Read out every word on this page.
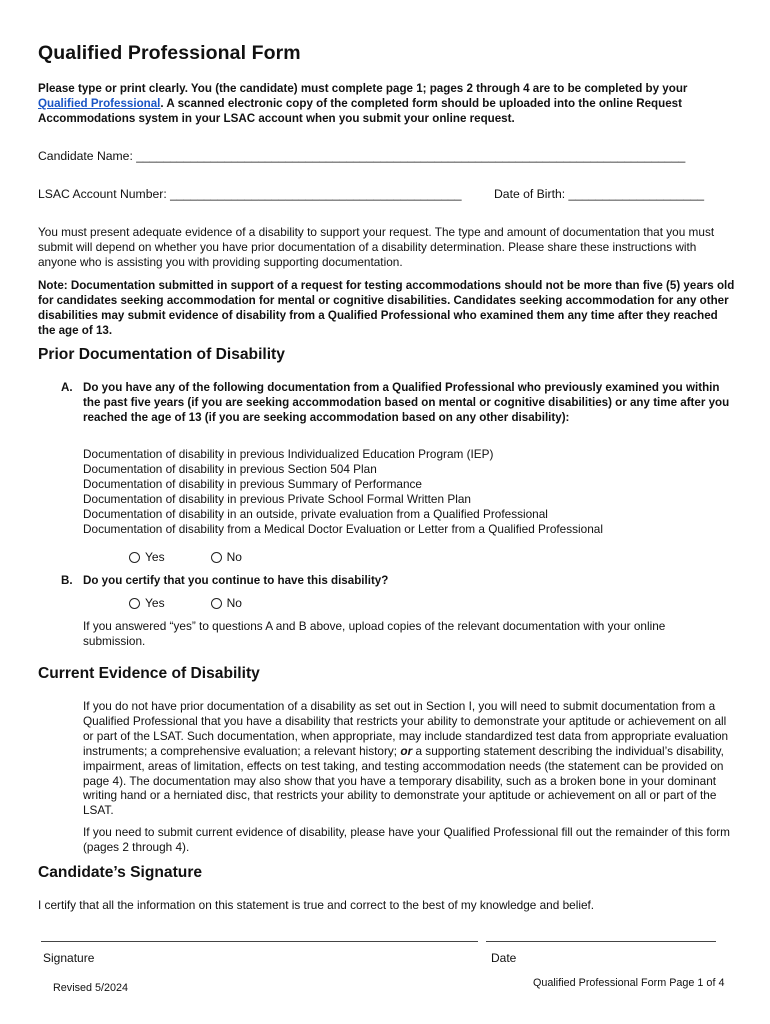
Qualified Professional Form
Please type or print clearly. You (the candidate) must complete page 1; pages 2 through 4 are to be completed by your Qualified Professional. A scanned electronic copy of the completed form should be uploaded into the online Request Accommodations system in your LSAC account when you submit your online request.
Candidate Name: _________________________________________________________________________________
LSAC Account Number: ___________________________________________	Date of Birth: ____________________
You must present adequate evidence of a disability to support your request. The type and amount of documentation that you must submit will depend on whether you have prior documentation of a disability determination. Please share these instructions with anyone who is assisting you with providing supporting documentation.
Note: Documentation submitted in support of a request for testing accommodations should not be more than five (5) years old for candidates seeking accommodation for mental or cognitive disabilities. Candidates seeking accommodation for any other disabilities may submit evidence of disability from a Qualified Professional who examined them any time after they reached the age of 13.
Prior Documentation of Disability
A. Do you have any of the following documentation from a Qualified Professional who previously examined you within the past five years (if you are seeking accommodation based on mental or cognitive disabilities) or any time after you reached the age of 13 (if you are seeking accommodation based on any other disability):
Documentation of disability in previous Individualized Education Program (IEP)
Documentation of disability in previous Section 504 Plan
Documentation of disability in previous Summary of Performance
Documentation of disability in previous Private School Formal Written Plan
Documentation of disability in an outside, private evaluation from a Qualified Professional
Documentation of disability from a Medical Doctor Evaluation or Letter from a Qualified Professional
Yes	No
B. Do you certify that you continue to have this disability?
Yes	No
If you answered “yes” to questions A and B above, upload copies of the relevant documentation with your online submission.
Current Evidence of Disability
If you do not have prior documentation of a disability as set out in Section I, you will need to submit documentation from a Qualified Professional that you have a disability that restricts your ability to demonstrate your aptitude or achievement on all or part of the LSAT. Such documentation, when appropriate, may include standardized test data from appropriate evaluation instruments; a comprehensive evaluation; a relevant history; or a supporting statement describing the individual’s disability, impairment, areas of limitation, effects on test taking, and testing accommodation needs (the statement can be provided on page 4). The documentation may also show that you have a temporary disability, such as a broken bone in your dominant writing hand or a herniated disc, that restricts your ability to demonstrate your aptitude or achievement on all or part of the LSAT.
If you need to submit current evidence of disability, please have your Qualified Professional fill out the remainder of this form (pages 2 through 4).
Candidate’s Signature
I certify that all the information on this statement is true and correct to the best of my knowledge and belief.
Signature	Date
Revised 5/2024	Qualified Professional Form Page 1 of 4
